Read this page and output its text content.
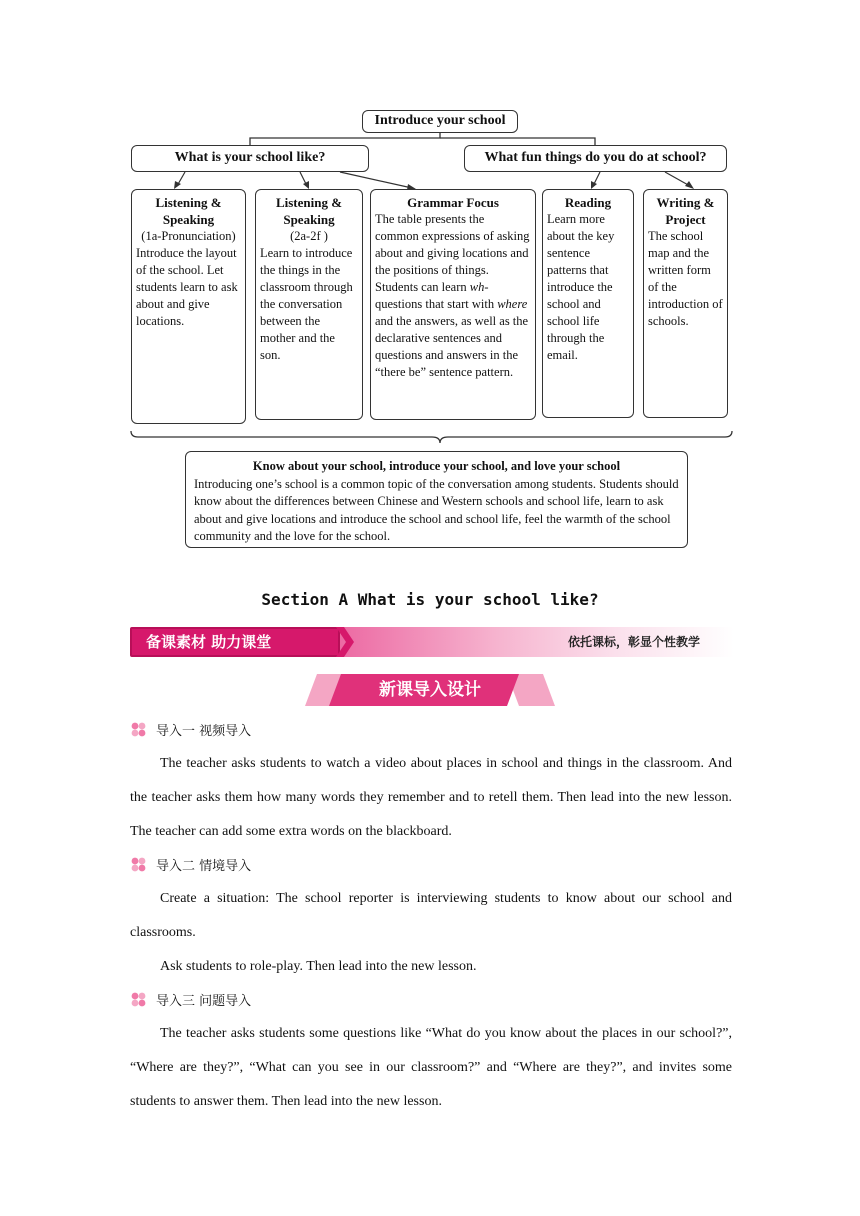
Introduce your school
What is your school like?	What fun things do you do at school?
Listening &
Speaking
(1a-Pronunciation)
Introduce the layout of the school. Let students learn to ask about and give locations.
Listening &
Speaking
(2a-2f )
Learn to introduce the things in the classroom through the conversation between the mother and the son.
Grammar Focus
The table presents the common expressions of asking about and giving locations and the positions of things. Students can learn wh- questions that start with where and the answers, as well as the declarative sentences and questions and answers in the “there be” sentence pattern.
Reading
Learn more about the key sentence patterns that introduce the school and school life through the email.
Writing &
Project
The school map and the written form of the introduction of schools.
Know about your school, introduce your school, and love your school
Introducing one’s school is a common topic of the conversation among students. Students should know about the differences between Chinese and Western schools and school life, learn to ask about and give locations and introduce the school and school life, feel the warmth of the school community and the love for the school.
Section A What is your school like?
备课素材 助力课堂	依托课标，彰显个性教学
新课导入设计
导入一 视频导入
The teacher asks students to watch a video about places in school and things in the classroom. And the teacher asks them how many words they remember and to retell them. Then lead into the new lesson. The teacher can add some extra words on the blackboard.
导入二 情境导入
Create a situation: The school reporter is interviewing students to know about our school and classrooms.
Ask students to role-play. Then lead into the new lesson.
导入三 问题导入
The teacher asks students some questions like “What do you know about the places in our school?”, “Where are they?”, “What can you see in our classroom?” and “Where are they?”, and invites some students to answer them. Then lead into the new lesson.
